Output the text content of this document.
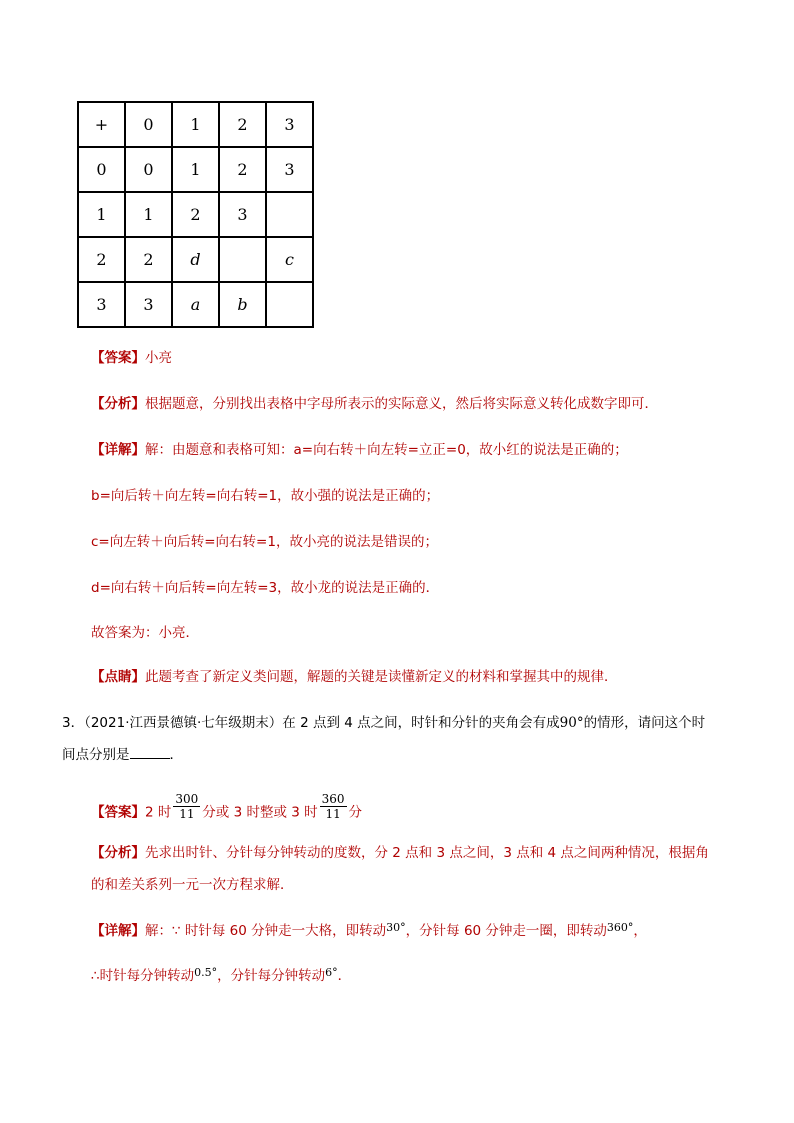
+	0	1	2	3
0	0	1	2	3
1	1	2	3	
2	2	d		c
3	3	a	b	
【答案】小亮
【分析】根据题意，分别找出表格中字母所表示的实际意义，然后将实际意义转化成数字即可．
【详解】解：由题意和表格可知：a=向右转＋向左转=立正=0，故小红的说法是正确的；
b=向后转＋向左转=向右转=1，故小强的说法是正确的；
c=向左转＋向后转=向右转=1，故小亮的说法是错误的；
d=向右转＋向后转=向左转=3，故小龙的说法是正确的．
故答案为：小亮．
【点睛】此题考查了新定义类问题，解题的关键是读懂新定义的材料和掌握其中的规律．
3．（2021·江西景德镇·七年级期末）在 2 点到 4 点之间，时针和分针的夹角会有成90°的情形，请问这个时
间点分别是	．
【答案】2 时 $\frac{300}{11}$ 分或 3 时整或 3 时 $\frac{360}{11}$ 分
【分析】先求出时针、分针每分钟转动的度数，分 2 点和 3 点之间，3 点和 4 点之间两种情况，根据角
的和差关系列一元一次方程求解．
【详解】解：∵ 时针每 60 分钟走一大格，即转动$^{30^\circ}$，分针每 60 分钟走一圈，即转动$^{360^\circ}$，
∴时针每分钟转动$^{0.5^\circ}$，分针每分钟转动$^{6^\circ}$．
